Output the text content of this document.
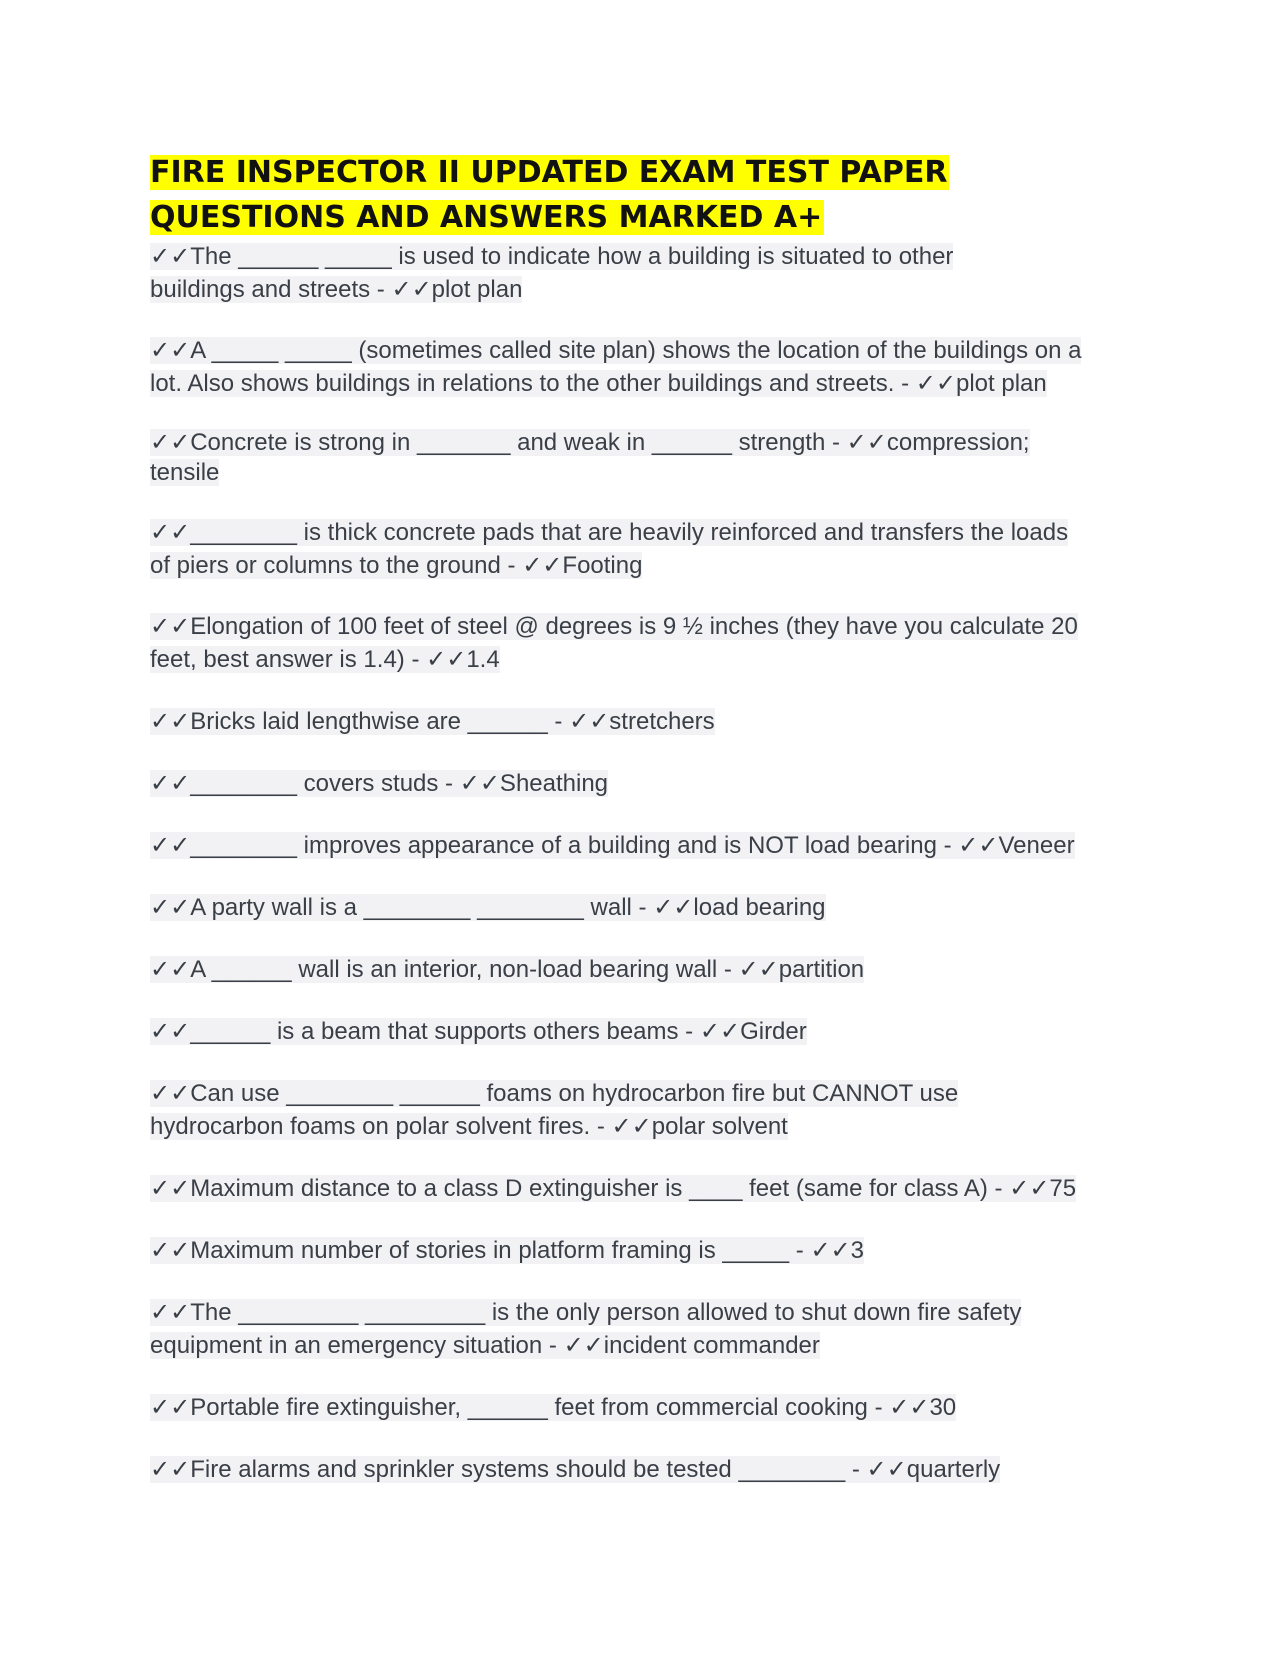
FIRE INSPECTOR II UPDATED EXAM TEST PAPER
QUESTIONS AND ANSWERS MARKED A+

✓✓The ______ _____ is used to indicate how a building is situated to other buildings and streets - ✓✓plot plan

✓✓A _____ _____ (sometimes called site plan) shows the location of the buildings on a lot. Also shows buildings in relations to the other buildings and streets. - ✓✓plot plan

✓✓Concrete is strong in _______ and weak in ______ strength - ✓✓compression; tensile

✓✓________ is thick concrete pads that are heavily reinforced and transfers the loads of piers or columns to the ground - ✓✓Footing

✓✓Elongation of 100 feet of steel @ degrees is 9 ½ inches (they have you calculate 20 feet, best answer is 1.4) - ✓✓1.4

✓✓Bricks laid lengthwise are ______ - ✓✓stretchers

✓✓________ covers studs - ✓✓Sheathing

✓✓________ improves appearance of a building and is NOT load bearing - ✓✓Veneer

✓✓A party wall is a ________ ________ wall - ✓✓load bearing

✓✓A ______ wall is an interior, non-load bearing wall - ✓✓partition

✓✓______ is a beam that supports others beams - ✓✓Girder

✓✓Can use ________ ______ foams on hydrocarbon fire but CANNOT use hydrocarbon foams on polar solvent fires. - ✓✓polar solvent

✓✓Maximum distance to a class D extinguisher is ____ feet (same for class A) - ✓✓75

✓✓Maximum number of stories in platform framing is _____ - ✓✓3

✓✓The _________ _________ is the only person allowed to shut down fire safety equipment in an emergency situation - ✓✓incident commander

✓✓Portable fire extinguisher, ______ feet from commercial cooking - ✓✓30

✓✓Fire alarms and sprinkler systems should be tested ________ - ✓✓quarterly
